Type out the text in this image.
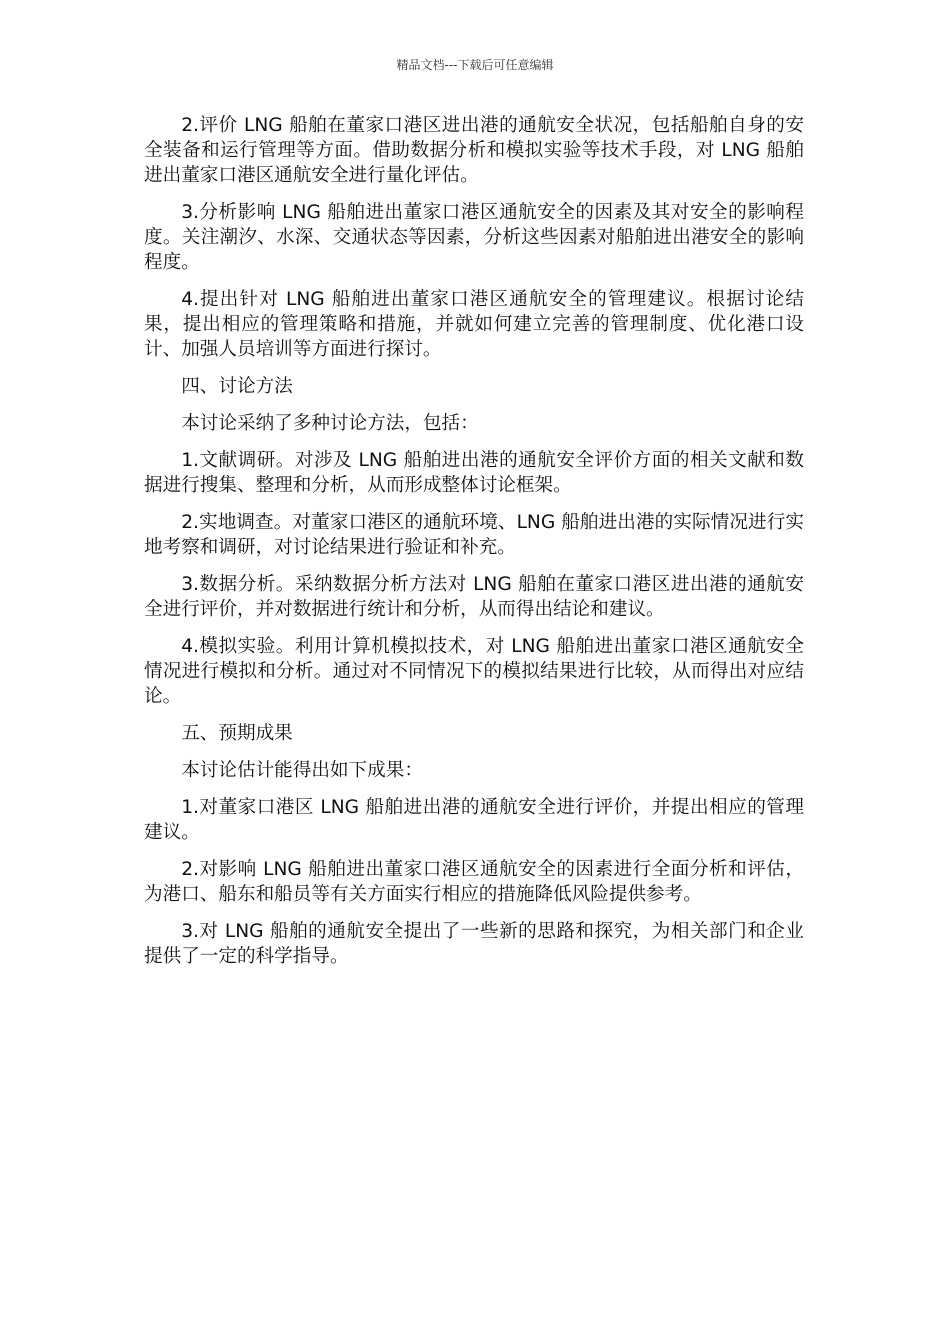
精品文档---下载后可任意编辑

2.评价 LNG 船舶在董家口港区进出港的通航安全状况，包括船舶自身的安全装备和运行管理等方面。借助数据分析和模拟实验等技术手段，对 LNG 船舶进出董家口港区通航安全进行量化评估。

3.分析影响 LNG 船舶进出董家口港区通航安全的因素及其对安全的影响程度。关注潮汐、水深、交通状态等因素，分析这些因素对船舶进出港安全的影响程度。

4.提出针对 LNG 船舶进出董家口港区通航安全的管理建议。根据讨论结果，提出相应的管理策略和措施，并就如何建立完善的管理制度、优化港口设计、加强人员培训等方面进行探讨。

四、讨论方法

本讨论采纳了多种讨论方法，包括：

1.文献调研。对涉及 LNG 船舶进出港的通航安全评价方面的相关文献和数据进行搜集、整理和分析，从而形成整体讨论框架。

2.实地调查。对董家口港区的通航环境、LNG 船舶进出港的实际情况进行实地考察和调研，对讨论结果进行验证和补充。

3.数据分析。采纳数据分析方法对 LNG 船舶在董家口港区进出港的通航安全进行评价，并对数据进行统计和分析，从而得出结论和建议。

4.模拟实验。利用计算机模拟技术，对 LNG 船舶进出董家口港区通航安全情况进行模拟和分析。通过对不同情况下的模拟结果进行比较，从而得出对应结论。

五、预期成果

本讨论估计能得出如下成果：

1.对董家口港区 LNG 船舶进出港的通航安全进行评价，并提出相应的管理建议。

2.对影响 LNG 船舶进出董家口港区通航安全的因素进行全面分析和评估，为港口、船东和船员等有关方面实行相应的措施降低风险提供参考。

3.对 LNG 船舶的通航安全提出了一些新的思路和探究，为相关部门和企业提供了一定的科学指导。
